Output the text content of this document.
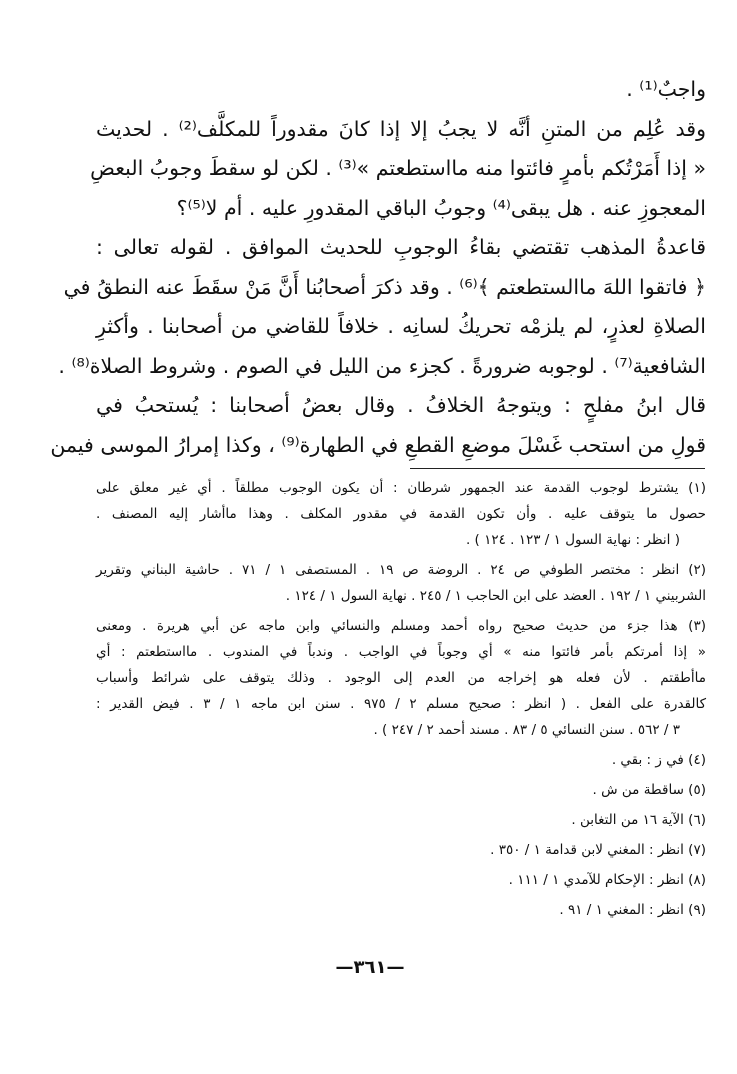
واجبٌ⁽¹⁾ .
وقد عُلِم من المتنِ أنَّه لا يجبُ إلا إذا كانَ مقدوراً للمكلَّف⁽²⁾ . لحديث
« إذا أَمَرْتُكم بأمرٍ فائتوا منه مااستطعتم »⁽³⁾ . لكن لو سقطَ وجوبُ البعضِ
المعجوزِ عنه . هل يبقى⁽⁴⁾ وجوبُ الباقي المقدورِ عليه . أم لا⁽⁵⁾؟
قاعدةُ المذهب تقتضي بقاءُ الوجوبِ للحديث الموافق . لقوله تعالى :
﴿ فاتقوا اللهَ ماالستطعتم ﴾⁽⁶⁾ . وقد ذكرَ أصحابُنا أَنَّ مَنْ سقَطَ عنه النطقُ في
الصلاةِ لعذرٍ، لم يلزمْه تحريكُ لسانِه . خلافاً للقاضي من أصحابنا . وأكثرِ
الشافعية⁽⁷⁾ . لوجوبه ضرورةً . كجزء من الليل في الصوم . وشروط الصلاة⁽⁸⁾ .
قال ابنُ مفلحٍ : ويتوجهُ الخلافُ . وقال بعضُ أصحابنا : يُستحبُ في
قولِ من استحب غَسْلَ موضعِ القطعِ في الطهارة⁽⁹⁾ ، وكذا إمرارُ الموسى فيمن
(١) يشترط لوجوب القدمة عند الجمهور شرطان : أن يكون الوجوب مطلقاً . أي غير معلق على
حصول ما يتوقف عليه . وأن تكون القدمة في مقدور المكلف . وهذا ماأشار إليه المصنف .
( انظر : نهاية السول ١ / ١٢٣ . ١٢٤ ) .
(٢) انظر : مختصر الطوفي ص ٢٤ . الروضة ص ١٩ . المستصفى ١ / ٧١ . حاشية البناني وتقرير
الشربيني ١ / ١٩٢ . العضد على ابن الحاجب ١ / ٢٤٥ . نهاية السول ١ / ١٢٤ .
(٣) هذا جزء من حديث صحيح رواه أحمد ومسلم والنسائي وابن ماجه عن أبي هريرة . ومعنى
« إذا أمرتكم بأمر فائتوا منه » أي وجوباً في الواجب . وندباً في المندوب . مااستطعتم : أي
ماأطقتم . لأن فعله هو إخراجه من العدم إلى الوجود . وذلك يتوقف على شرائط وأسباب
كالقدرة على الفعل . ( انظر : صحيح مسلم ٢ / ٩٧٥ . سنن ابن ماجه ١ / ٣ . فيض القدير :
٣ / ٥٦٢ . سنن النسائي ٥ / ٨٣ . مسند أحمد ٢ / ٢٤٧ ) .
(٤) في ز : بقي .
(٥) ساقطة من ش .
(٦) الآية ١٦ من التغابن .
(٧) انظر : المغني لابن قدامة ١ / ٣٥٠ .
(٨) انظر : الإحكام للآمدي ١ / ١١١ .
(٩) انظر : المغني ١ / ٩١ .
—٣٦١—
